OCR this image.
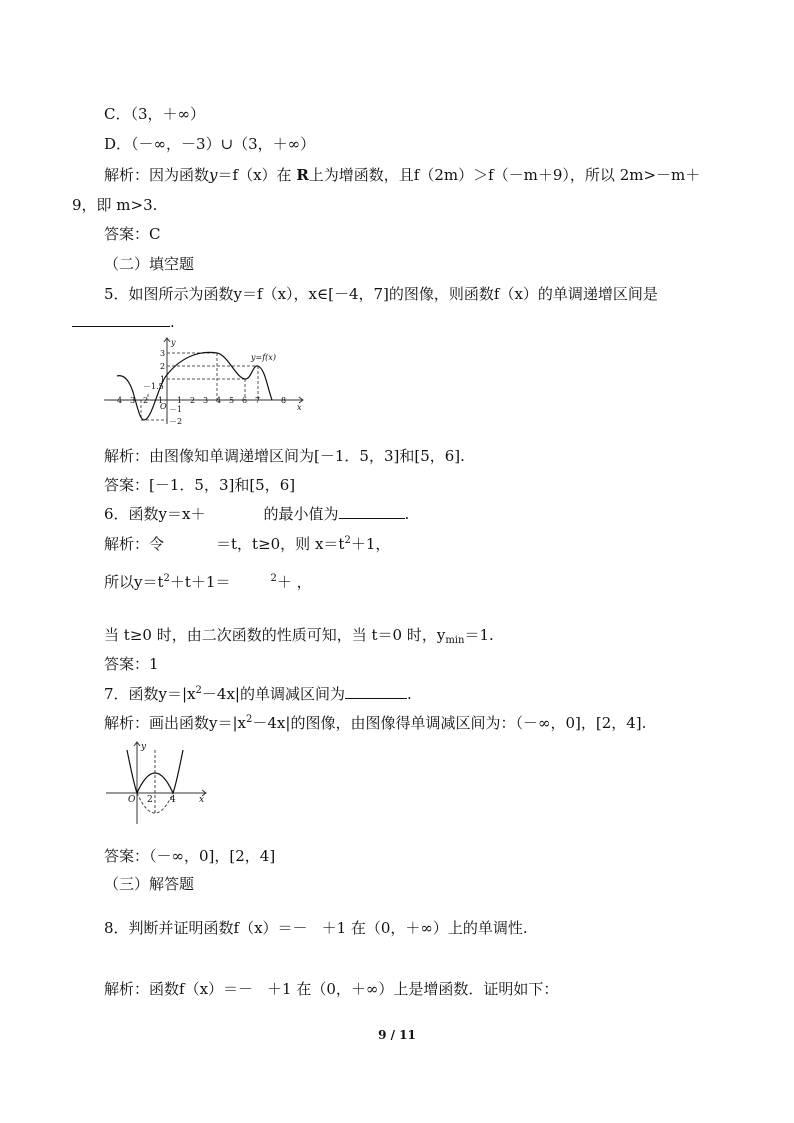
C．（3，＋∞）
D．（－∞，－3）∪（3，＋∞）
解析：因为函数y＝f（x）在 R上为增函数，且f（2m）＞f（－m＋9），所以 2m>－m＋
9，即 m>3.
答案：C
（二）填空题
5．如图所示为函数y＝f（x），x∈[－4，7]的图像，则函数f（x）的单调递增区间是
.
y=f(x)
y
x
O
－1.5
3
2
1
－1
－2
－4 －3 －2 －1 1 2 3 4 5 6 7	8
解析：由图像知单调递增区间为[－1．5，3]和[5，6].
答案：[－1．5，3]和[5，6]
6．函数y＝x＋	的最小值为	.
解析：令	＝t，t≥0，则 $x=t^2+1$，
所以$y=t^2+t+1=$	$^2$＋ ，
当 t≥0 时，由二次函数的性质可知，当 t＝0 时，$y_{min}=1$.
答案：1
7．函数$y=|x^2-4x|$的单调减区间为	.
解析：画出函数$y=|x^2-4x|$的图像，由图像得单调减区间为：（－∞，0]，[2，4].
y
x
O 2 4
答案：（－∞，0]，[2，4]
（三）解答题
8．判断并证明函数f（x）＝－ ＋1 在（0，＋∞）上的单调性.
解析：函数f（x）＝－ ＋1 在（0，＋∞）上是增函数．证明如下：
9 / 11
